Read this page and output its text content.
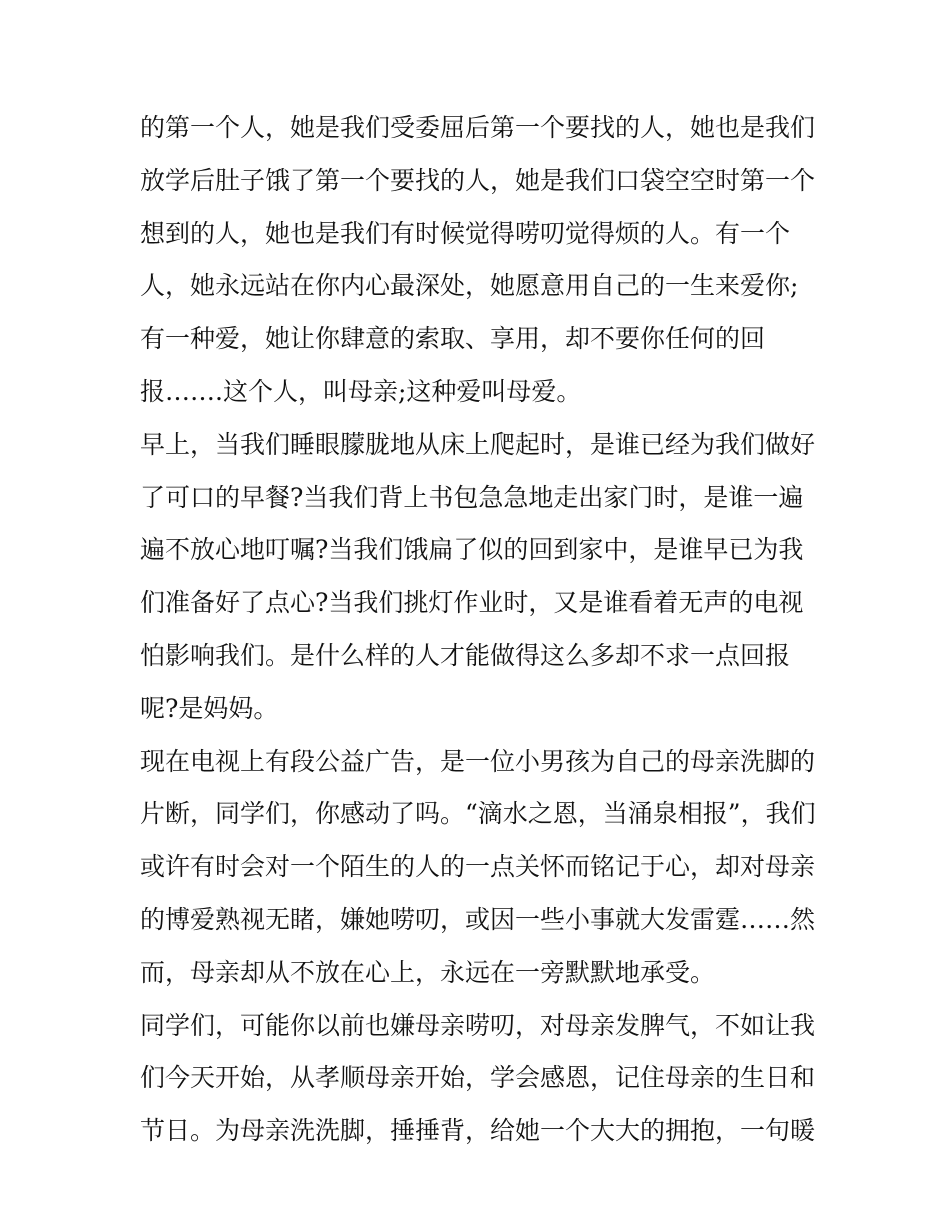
的第一个人，她是我们受委屈后第一个要找的人，她也是我们
放学后肚子饿了第一个要找的人，她是我们口袋空空时第一个
想到的人，她也是我们有时候觉得唠叨觉得烦的人。有一个
人，她永远站在你内心最深处，她愿意用自己的一生来爱你;
有一种爱，她让你肆意的索取、享用，却不要你任何的回
报…….这个人，叫母亲;这种爱叫母爱。
早上，当我们睡眼朦胧地从床上爬起时，是谁已经为我们做好
了可口的早餐?当我们背上书包急急地走出家门时，是谁一遍
遍不放心地叮嘱?当我们饿扁了似的回到家中，是谁早已为我
们准备好了点心?当我们挑灯作业时，又是谁看着无声的电视
怕影响我们。是什么样的人才能做得这么多却不求一点回报
呢?是妈妈。
现在电视上有段公益广告，是一位小男孩为自己的母亲洗脚的
片断，同学们，你感动了吗。“滴水之恩，当涌泉相报”，我们
或许有时会对一个陌生的人的一点关怀而铭记于心，却对母亲
的博爱熟视无睹，嫌她唠叨，或因一些小事就大发雷霆……然
而，母亲却从不放在心上，永远在一旁默默地承受。
同学们，可能你以前也嫌母亲唠叨，对母亲发脾气，不如让我
们今天开始，从孝顺母亲开始，学会感恩，记住母亲的生日和
节日。为母亲洗洗脚，捶捶背，给她一个大大的拥抱，一句暖
